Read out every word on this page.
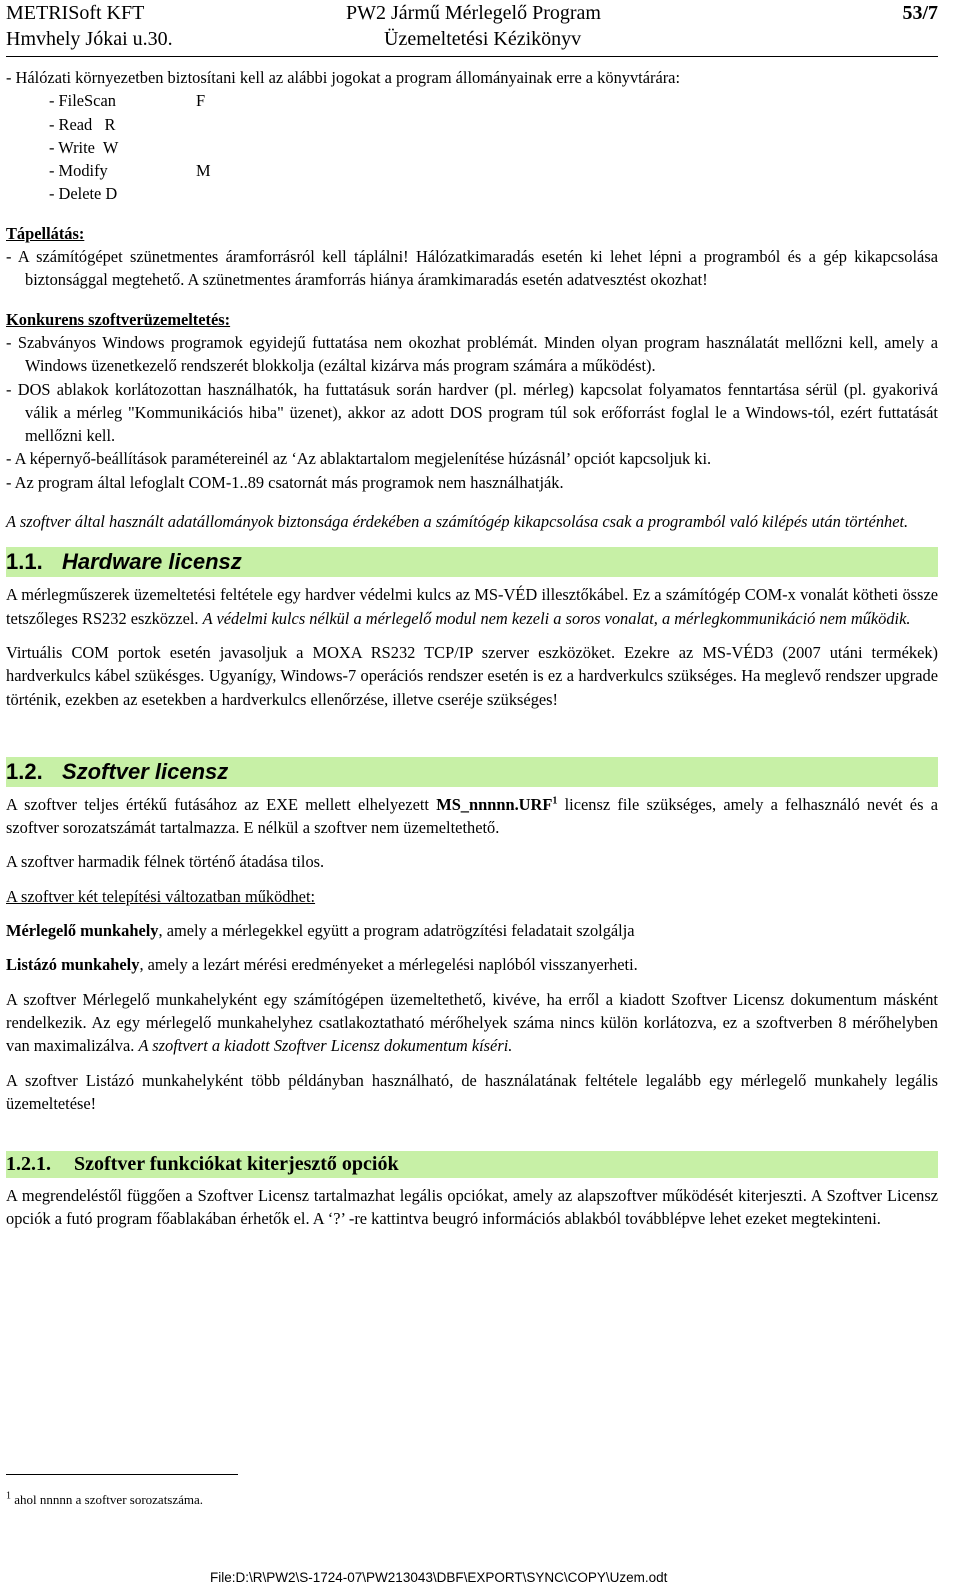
METRISoft KFT
Hmvhely Jókai u.30.
PW2 Jármű Mérlegelő Program
Üzemeltetési Kézikönyv
53/7

- Hálózati környezetben biztosítani kell az alábbi jogokat a program állományainak erre a könyvtárára:

- FileScan	F
- Read   R
- Write  W
- Modify	M
- Delete D

Tápellátás:

- A számítógépet szünetmentes áramforrásról kell táplálni! Hálózatkimaradás esetén ki lehet lépni a programból és a gép kikapcsolása biztonsággal megtehető. A szünetmentes áramforrás hiánya áramkimaradás esetén adatvesztést okozhat!

Konkurens szoftverüzemeltetés:

- Szabványos Windows programok egyidejű futtatása nem okozhat problémát. Minden olyan program használatát mellőzni kell, amely a Windows üzenetkezelő rendszerét blokkolja (ezáltal kizárva más program számára a működést).

- DOS ablakok korlátozottan használhatók, ha futtatásuk során hardver (pl. mérleg) kapcsolat folyamatos fenntartása sérül (pl. gyakorivá válik a mérleg "Kommunikációs hiba" üzenet), akkor az adott DOS program túl sok erőforrást foglal le a Windows-tól, ezért futtatását mellőzni kell.

- A képernyő-beállítások paramétereinél az ‘Az ablaktartalom megjelenítése húzásnál’ opciót kapcsoljuk ki.

- Az program által lefoglalt COM-1..89 csatornát más programok nem használhatják.

A szoftver által használt adatállományok biztonsága érdekében a számítógép kikapcsolása csak a programból való kilépés után történhet.

1.1. Hardware licensz

A mérlegműszerek üzemeltetési feltétele egy hardver védelmi kulcs az MS-VÉD illesztőkábel. Ez a számítógép COM-x vonalát kötheti össze tetszőleges RS232 eszközzel. A védelmi kulcs nélkül a mérlegelő modul nem kezeli a soros vonalat, a mérlegkommunikáció nem működik.

Virtuális COM portok esetén javasoljuk a MOXA RS232 TCP/IP szerver eszközöket. Ezekre az MS-VÉD3 (2007 utáni termékek) hardverkulcs kábel szükésges. Ugyanígy, Windows-7 operációs rendszer esetén is ez a hardverkulcs szükséges. Ha meglevő rendszer upgrade történik, ezekben az esetekben a hardverkulcs ellenőrzése, illetve cseréje szükséges!

1.2. Szoftver licensz

A szoftver teljes értékű futásához az EXE mellett elhelyezett MS_nnnnn.URF$^1$ licensz file szükséges, amely a felhasználó nevét és a szoftver sorozatszámát tartalmazza. E nélkül a szoftver nem üzemeltethető.

A szoftver harmadik félnek történő átadása tilos.

A szoftver két telepítési változatban működhet:

Mérlegelő munkahely, amely a mérlegekkel együtt a program adatrögzítési feladatait szolgálja

Listázó munkahely, amely a lezárt mérési eredményeket a mérlegelési naplóból visszanyerheti.

A szoftver Mérlegelő munkahelyként egy számítógépen üzemeltethető, kivéve, ha erről a kiadott Szoftver Licensz dokumentum másként rendelkezik. Az egy mérlegelő munkahelyhez csatlakoztatható mérőhelyek száma nincs külön korlátozva, ez a szoftverben 8 mérőhelyben van maximalizálva. A szoftvert a kiadott Szoftver Licensz dokumentum kíséri.

A szoftver Listázó munkahelyként több példányban használható, de használatának feltétele legalább egy mérlegelő munkahely legális üzemeltetése!

1.2.1. Szoftver funkciókat kiterjesztő opciók

A megrendeléstől függően a Szoftver Licensz tartalmazhat legális opciókat, amely az alapszoftver működését kiterjeszti. A Szoftver Licensz opciók a futó program főablakában érhetők el. A ‘?’ -re kattintva beugró információs ablakból továbblépve lehet ezeket megtekinteni.

$^1$ ahol nnnnn a szoftver sorozatszáma.
File:D:\R\PW2\S-1724-07\PW213043\DBF\EXPORT\SYNC\COPY\Uzem.odt
